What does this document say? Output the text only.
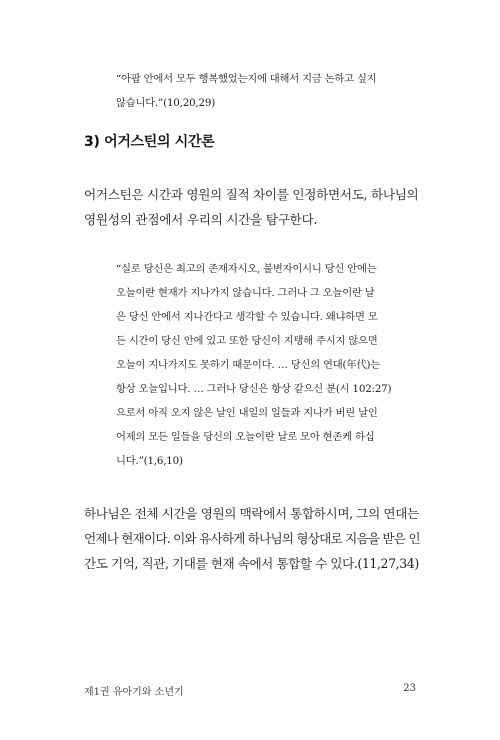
“아팝 안에서 모두 행복했었는지에 대해서 지금 논하고 싶지
않습니다.”(10,20,29)
3) 어거스틴의 시간론
어거스틴은 시간과 영원의 질적 차이를 인정하면서도, 하나님의
영원성의 관점에서 우리의 시간을 탐구한다.
“실로 당신은 최고의 존재자시오, 불변자이시니 당신 안에는
오늘이란 현재가 지나가지 않습니다. 그러나 그 오늘이란 날
은 당신 안에서 지나간다고 생각할 수 있습니다. 왜냐하면 모
든 시간이 당신 안에 있고 또한 당신이 지탱해 주시지 않으면
오늘이 지나가지도 못하기 때문이다. … 당신의 연대(年代)는
항상 오늘입니다. … 그러나 당신은 항상 같으신 분(시 102:27)
으로서 아직 오지 않은 날인 내일의 일들과 지나가 버린 날인
어제의 모든 일들을 당신의 오늘이란 날로 모아 현존케 하십
니다.”(1,6,10)
하나님은 전체 시간을 영원의 맥락에서 통합하시며, 그의 연대는
언제나 현재이다. 이와 유사하게 하나님의 형상대로 지음을 받은 인
간도 기억, 직관, 기대를 현재 속에서 통합할 수 있다.(11,27,34)
제1권 유아기와 소년기	23
